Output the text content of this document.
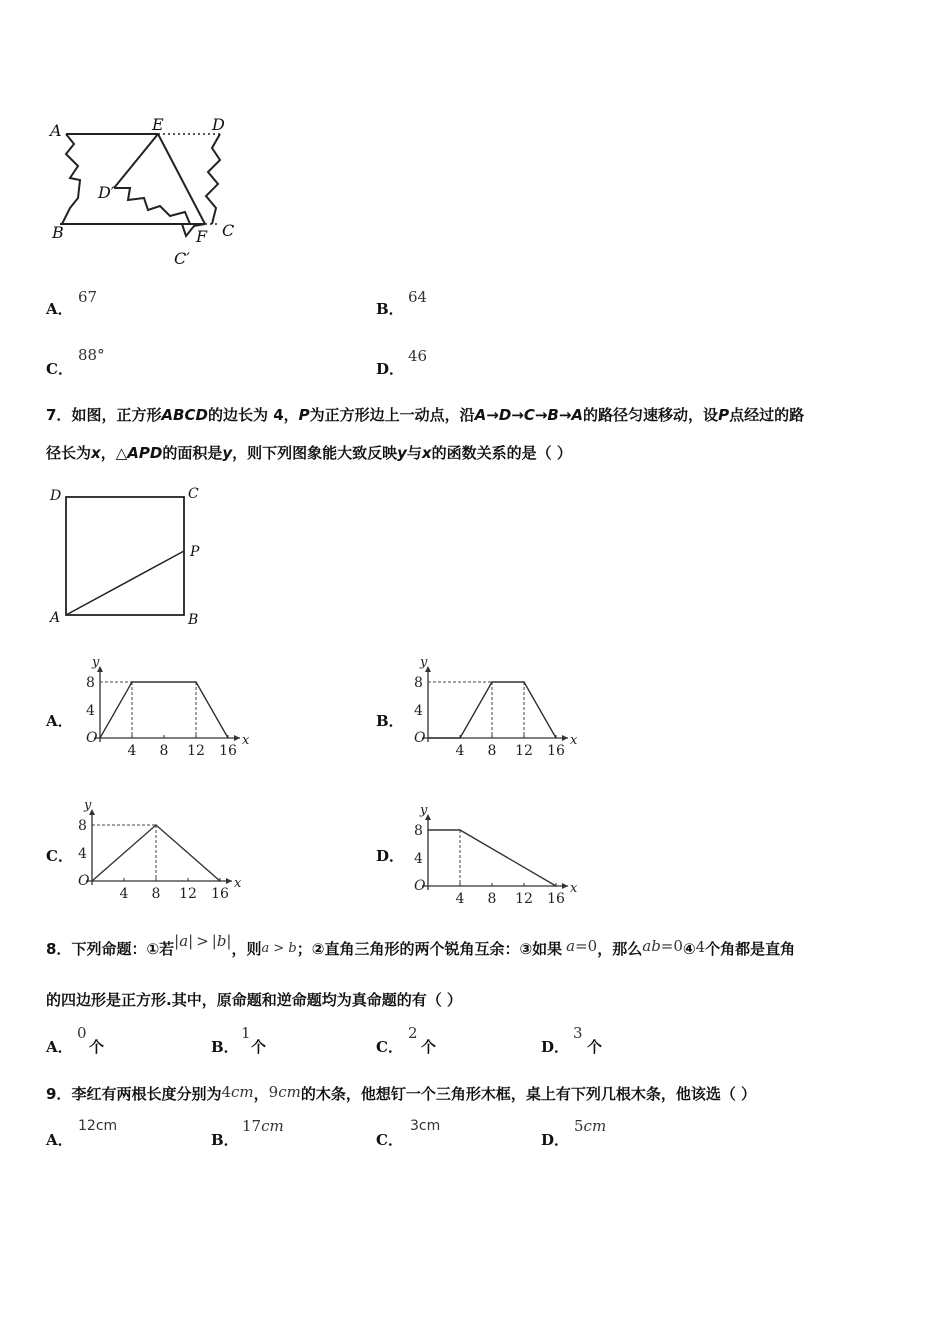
A	E	D
D′
B	F C
C′
A．
67
B．
64
C．
88°
D．
46
7．如图，正方形ABCD的边长为 4，P为正方形边上一动点，沿A→D→C→B→A的路径匀速移动，设P点经过的路
径长为x，△APD的面积是y，则下列图象能大致反映y与x的函数关系的是（ ）
D	C
P
A	B
A．	B．
C．	D．
y
x
O
8
4
4 8 12 16
y
x
O
8
4
4 8 12 16
y
x
O
8
4
4 8 12 16
y
x
O
8
4
4 8 12 16
8．下列命题：①若|a| > |b|，则a > b；②直角三角形的两个锐角互余：③如果 a=0，那么ab=0④4个角都是直角
的四边形是正方形.其中，原命题和逆命题均为真命题的有（ ）
A．
0
个	B．
1
个	C．
2
个	D．
3
个
9．李红有两根长度分别为4cm，9cm的木条，他想钉一个三角形木框，桌上有下列几根木条，他该选（ ）
A．
12cm
B．
17cm
C．
3cm
D．
5cm
